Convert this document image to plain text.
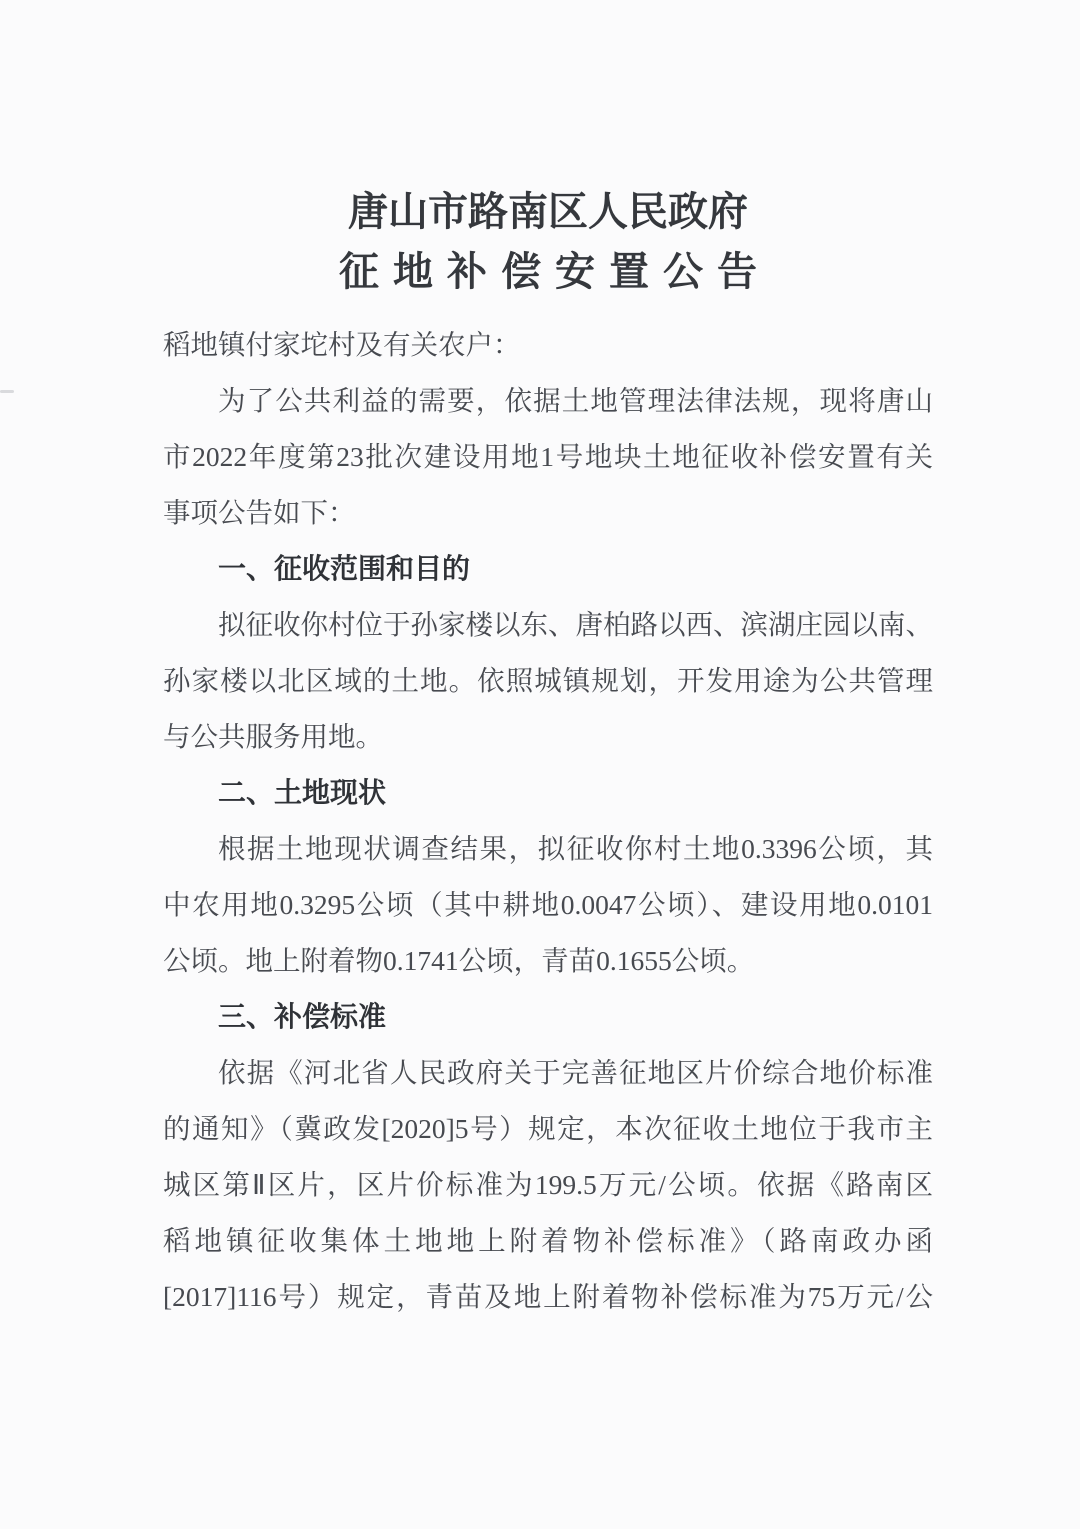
唐山市路南区人民政府
征地补偿安置公告
稻地镇付家坨村及有关农户：
为了公共利益的需要，依据土地管理法律法规，现将唐山
市2022年度第23批次建设用地1号地块土地征收补偿安置有关
事项公告如下：
一、征收范围和目的
拟征收你村位于孙家楼以东、唐柏路以西、滨湖庄园以南、
孙家楼以北区域的土地。依照城镇规划，开发用途为公共管理
与公共服务用地。
二、土地现状
根据土地现状调查结果，拟征收你村土地0.3396公顷，其
中农用地0.3295公顷（其中耕地0.0047公顷）、建设用地0.0101
公顷。地上附着物0.1741公顷，青苗0.1655公顷。
三、补偿标准
依据《河北省人民政府关于完善征地区片价综合地价标准
的通知》（冀政发[2020]5号）规定，本次征收土地位于我市主
城区第Ⅱ区片，区片价标准为199.5万元/公顷。依据《路南区
稻地镇征收集体土地地上附着物补偿标准》（路南政办函
[2017]116号）规定，青苗及地上附着物补偿标准为75万元/公
